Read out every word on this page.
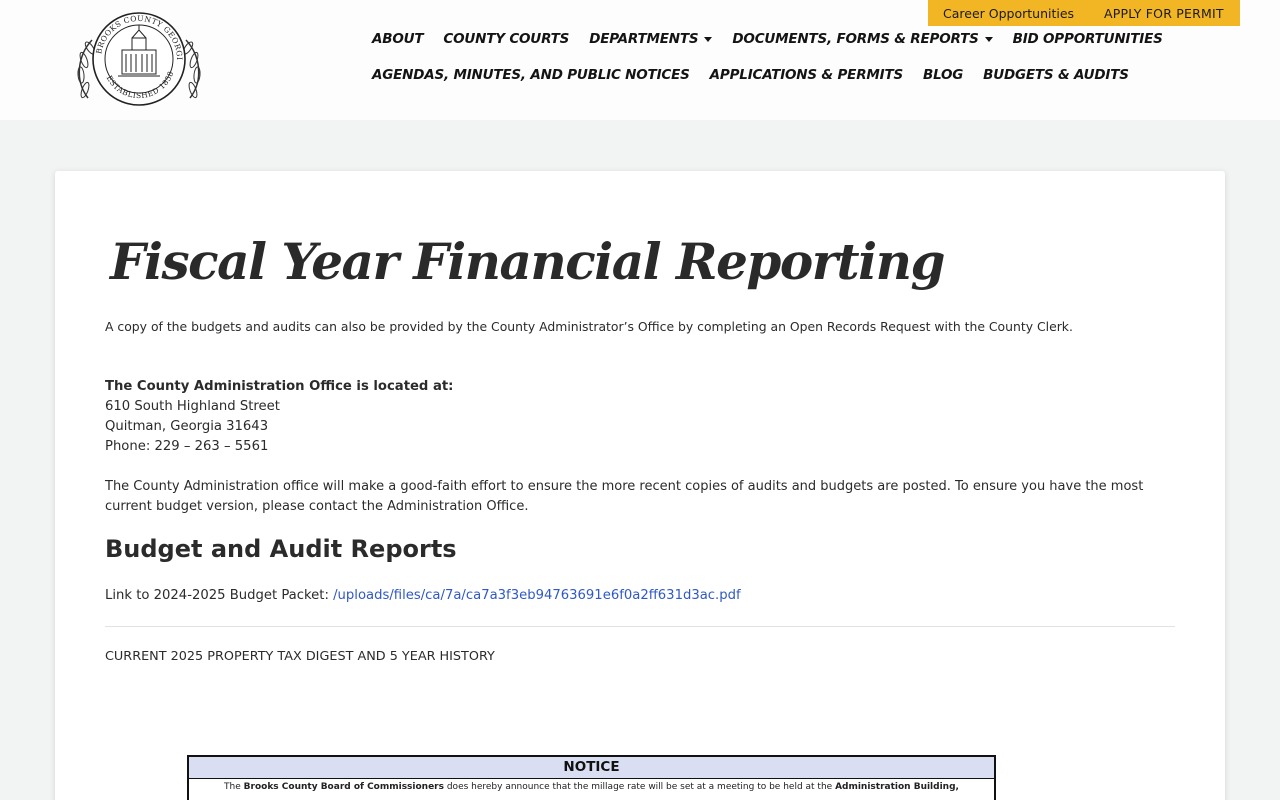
BROOKS COUNTY GEORGI
ESTABLISHED 1858
Career Opportunities APPLY FOR PERMIT
ABOUT COUNTY COURTS DEPARTMENTS	DOCUMENTS, FORMS & REPORTS	BID OPPORTUNITIES
AGENDAS, MINUTES, AND PUBLIC NOTICES APPLICATIONS & PERMITS BLOG BUDGETS & AUDITS
Fiscal Year Financial Reporting

A copy of the budgets and audits can also be provided by the County Administrator’s Office by completing an Open Records Request with the County Clerk.

The County Administration Office is located at:

610 South Highland Street

Quitman, Georgia 31643

Phone: 229 – 263 – 5561

The County Administration office will make a good-faith effort to ensure the more recent copies of audits and budgets are posted. To ensure you have the most current budget version, please contact the Administration Office.

Budget and Audit Reports

Link to 2024-2025 Budget Packet: /uploads/files/ca/7a/ca7a3f3eb94763691e6f0a2ff631d3ac.pdf

CURRENT 2025 PROPERTY TAX DIGEST AND 5 YEAR HISTORY

NOTICE
The Brooks County Board of Commissioners does hereby announce that the millage rate will be set at a meeting to be held at the Administration Building,
